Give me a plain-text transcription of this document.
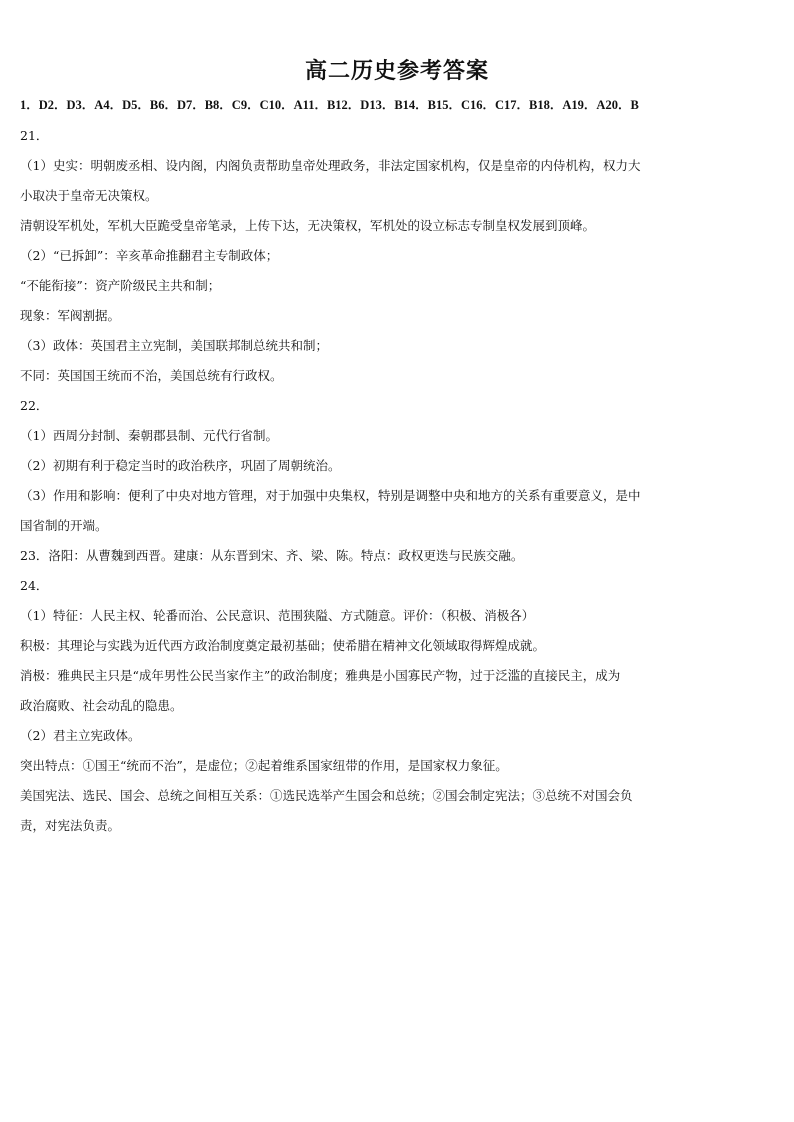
高二历史参考答案
1．D2．D3．A4．D5．B6．D7．B8．C9．C10．A11．B12．D13．B14．B15．C16．C17．B18．A19．A20．B
21．
（1）史实：明朝废丞相、设内阁，内阁负责帮助皇帝处理政务，非法定国家机构，仅是皇帝的内侍机构，权力大
小取决于皇帝无决策权。
清朝设军机处，军机大臣跪受皇帝笔录，上传下达，无决策权，军机处的设立标志专制皇权发展到顶峰。
（2）“已拆卸”：辛亥革命推翻君主专制政体；
“不能衔接”：资产阶级民主共和制；
现象：军阀割据。
（3）政体：英国君主立宪制，美国联邦制总统共和制；
不同：英国国王统而不治，美国总统有行政权。
22．
（1）西周分封制、秦朝郡县制、元代行省制。
（2）初期有利于稳定当时的政治秩序，巩固了周朝统治。
（3）作用和影响：便利了中央对地方管理，对于加强中央集权，特别是调整中央和地方的关系有重要意义，是中
国省制的开端。
23．洛阳：从曹魏到西晋。建康：从东晋到宋、齐、梁、陈。特点：政权更迭与民族交融。
24．
（1）特征：人民主权、轮番而治、公民意识、范围狭隘、方式随意。评价：（积极、消极各）
积极：其理论与实践为近代西方政治制度奠定最初基础；使希腊在精神文化领域取得辉煌成就。
消极：雅典民主只是“成年男性公民当家作主”的政治制度；雅典是小国寡民产物，过于泛滥的直接民主，成为
政治腐败、社会动乱的隐患。
（2）君主立宪政体。
突出特点：①国王“统而不治”，是虚位；②起着维系国家纽带的作用，是国家权力象征。
美国宪法、选民、国会、总统之间相互关系：①选民选举产生国会和总统；②国会制定宪法；③总统不对国会负
责，对宪法负责。
